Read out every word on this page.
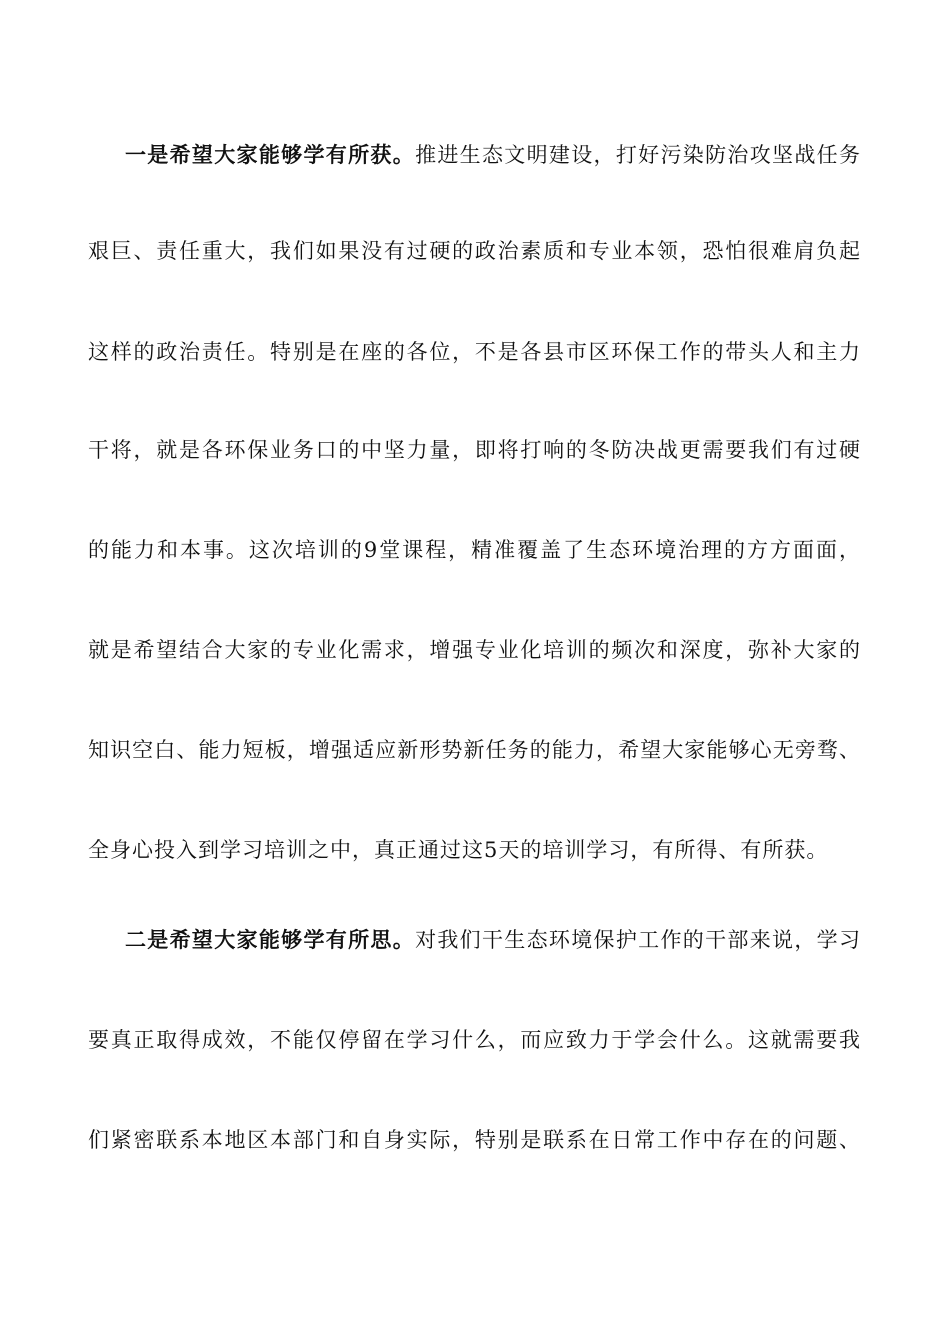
一是希望大家能够学有所获。推进生态文明建设，打好污染防治攻坚战任务
艰巨、责任重大，我们如果没有过硬的政治素质和专业本领，恐怕很难肩负起
这样的政治责任。特别是在座的各位，不是各县市区环保工作的带头人和主力
干将，就是各环保业务口的中坚力量，即将打响的冬防决战更需要我们有过硬
的能力和本事。这次培训的9堂课程，精准覆盖了生态环境治理的方方面面，
就是希望结合大家的专业化需求，增强专业化培训的频次和深度，弥补大家的
知识空白、能力短板，增强适应新形势新任务的能力，希望大家能够心无旁骛、
全身心投入到学习培训之中，真正通过这5天的培训学习，有所得、有所获。
二是希望大家能够学有所思。对我们干生态环境保护工作的干部来说，学习
要真正取得成效，不能仅停留在学习什么，而应致力于学会什么。这就需要我
们紧密联系本地区本部门和自身实际，特别是联系在日常工作中存在的问题、
